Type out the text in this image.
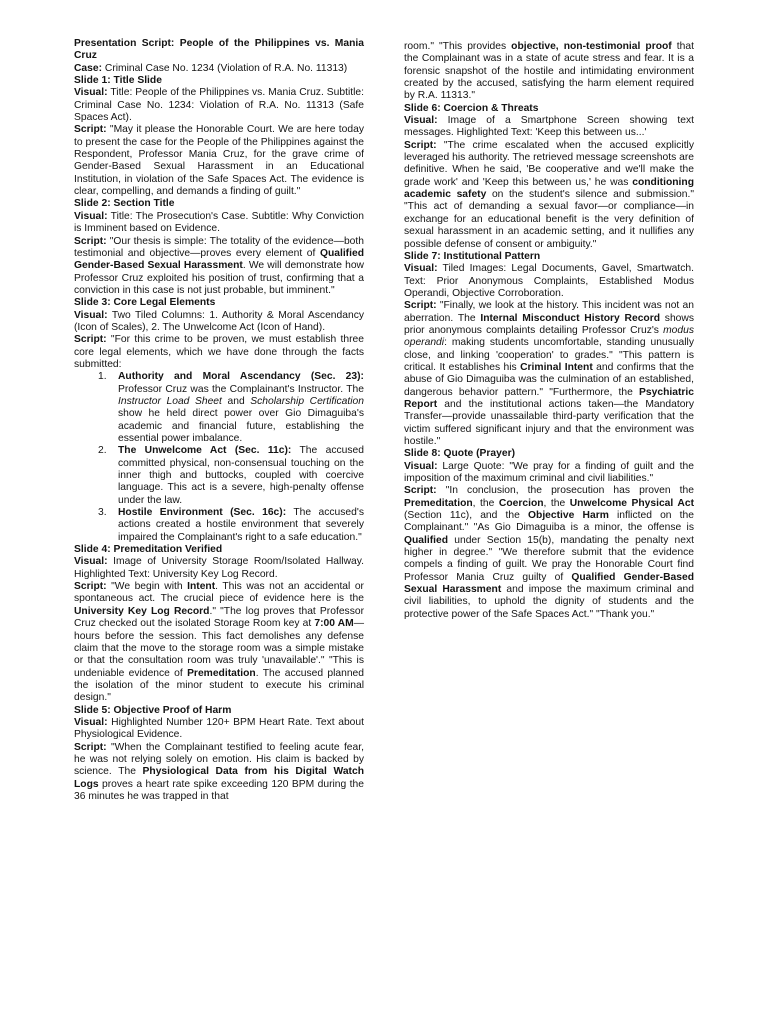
Presentation Script: People of the Philippines vs. Mania Cruz

Case: Criminal Case No. 1234 (Violation of R.A. No. 11313)

Slide 1: Title Slide

Visual: Title: People of the Philippines vs. Mania Cruz. Subtitle: Criminal Case No. 1234: Violation of R.A. No. 11313 (Safe Spaces Act).

Script: "May it please the Honorable Court. We are here today to present the case for the People of the Philippines against the Respondent, Professor Mania Cruz, for the grave crime of Gender-Based Sexual Harassment in an Educational Institution, in violation of the Safe Spaces Act. The evidence is clear, compelling, and demands a finding of guilt."

Slide 2: Section Title

Visual: Title: The Prosecution's Case. Subtitle: Why Conviction is Imminent based on Evidence.

Script: "Our thesis is simple: The totality of the evidence—both testimonial and objective—proves every element of Qualified Gender-Based Sexual Harassment. We will demonstrate how Professor Cruz exploited his position of trust, confirming that a conviction in this case is not just probable, but imminent."

Slide 3: Core Legal Elements

Visual: Two Tiled Columns: 1. Authority & Moral Ascendancy (Icon of Scales), 2. The Unwelcome Act (Icon of Hand).

Script: "For this crime to be proven, we must establish three core legal elements, which we have done through the facts submitted:

1. Authority and Moral Ascendancy (Sec. 23): Professor Cruz was the Complainant's Instructor. The Instructor Load Sheet and Scholarship Certification show he held direct power over Gio Dimaguiba's academic and financial future, establishing the essential power imbalance.

2. The Unwelcome Act (Sec. 11c): The accused committed physical, non-consensual touching on the inner thigh and buttocks, coupled with coercive language. This act is a severe, high-penalty offense under the law.

3. Hostile Environment (Sec. 16c): The accused's actions created a hostile environment that severely impaired the Complainant's right to a safe education."

Slide 4: Premeditation Verified

Visual: Image of University Storage Room/Isolated Hallway. Highlighted Text: University Key Log Record.

Script: "We begin with Intent. This was not an accidental or spontaneous act. The crucial piece of evidence here is the University Key Log Record." "The log proves that Professor Cruz checked out the isolated Storage Room key at 7:00 AM—hours before the session. This fact demolishes any defense claim that the move to the storage room was a simple mistake or that the consultation room was truly 'unavailable'." "This is undeniable evidence of Premeditation. The accused planned the isolation of the minor student to execute his criminal design."

Slide 5: Objective Proof of Harm

Visual: Highlighted Number 120+ BPM Heart Rate. Text about Physiological Evidence.

Script: "When the Complainant testified to feeling acute fear, he was not relying solely on emotion. His claim is backed by science. The Physiological Data from his Digital Watch Logs proves a heart rate spike exceeding 120 BPM during the 36 minutes he was trapped in that

room." "This provides objective, non-testimonial proof that the Complainant was in a state of acute stress and fear. It is a forensic snapshot of the hostile and intimidating environment created by the accused, satisfying the harm element required by R.A. 11313."

Slide 6: Coercion & Threats

Visual: Image of a Smartphone Screen showing text messages. Highlighted Text: 'Keep this between us...'

Script: "The crime escalated when the accused explicitly leveraged his authority. The retrieved message screenshots are definitive. When he said, 'Be cooperative and we'll make the grade work' and 'Keep this between us,' he was conditioning academic safety on the student's silence and submission." "This act of demanding a sexual favor—or compliance—in exchange for an educational benefit is the very definition of sexual harassment in an academic setting, and it nullifies any possible defense of consent or ambiguity."

Slide 7: Institutional Pattern

Visual: Tiled Images: Legal Documents, Gavel, Smartwatch. Text: Prior Anonymous Complaints, Established Modus Operandi, Objective Corroboration.

Script: "Finally, we look at the history. This incident was not an aberration. The Internal Misconduct History Record shows prior anonymous complaints detailing Professor Cruz's modus operandi: making students uncomfortable, standing unusually close, and linking 'cooperation' to grades." "This pattern is critical. It establishes his Criminal Intent and confirms that the abuse of Gio Dimaguiba was the culmination of an established, dangerous behavior pattern." "Furthermore, the Psychiatric Report and the institutional actions taken—the Mandatory Transfer—provide unassailable third-party verification that the victim suffered significant injury and that the environment was hostile."

Slide 8: Quote (Prayer)

Visual: Large Quote: "We pray for a finding of guilt and the imposition of the maximum criminal and civil liabilities."

Script: "In conclusion, the prosecution has proven the Premeditation, the Coercion, the Unwelcome Physical Act (Section 11c), and the Objective Harm inflicted on the Complainant." "As Gio Dimaguiba is a minor, the offense is Qualified under Section 15(b), mandating the penalty next higher in degree." "We therefore submit that the evidence compels a finding of guilt. We pray the Honorable Court find Professor Mania Cruz guilty of Qualified Gender-Based Sexual Harassment and impose the maximum criminal and civil liabilities, to uphold the dignity of students and the protective power of the Safe Spaces Act." "Thank you."
